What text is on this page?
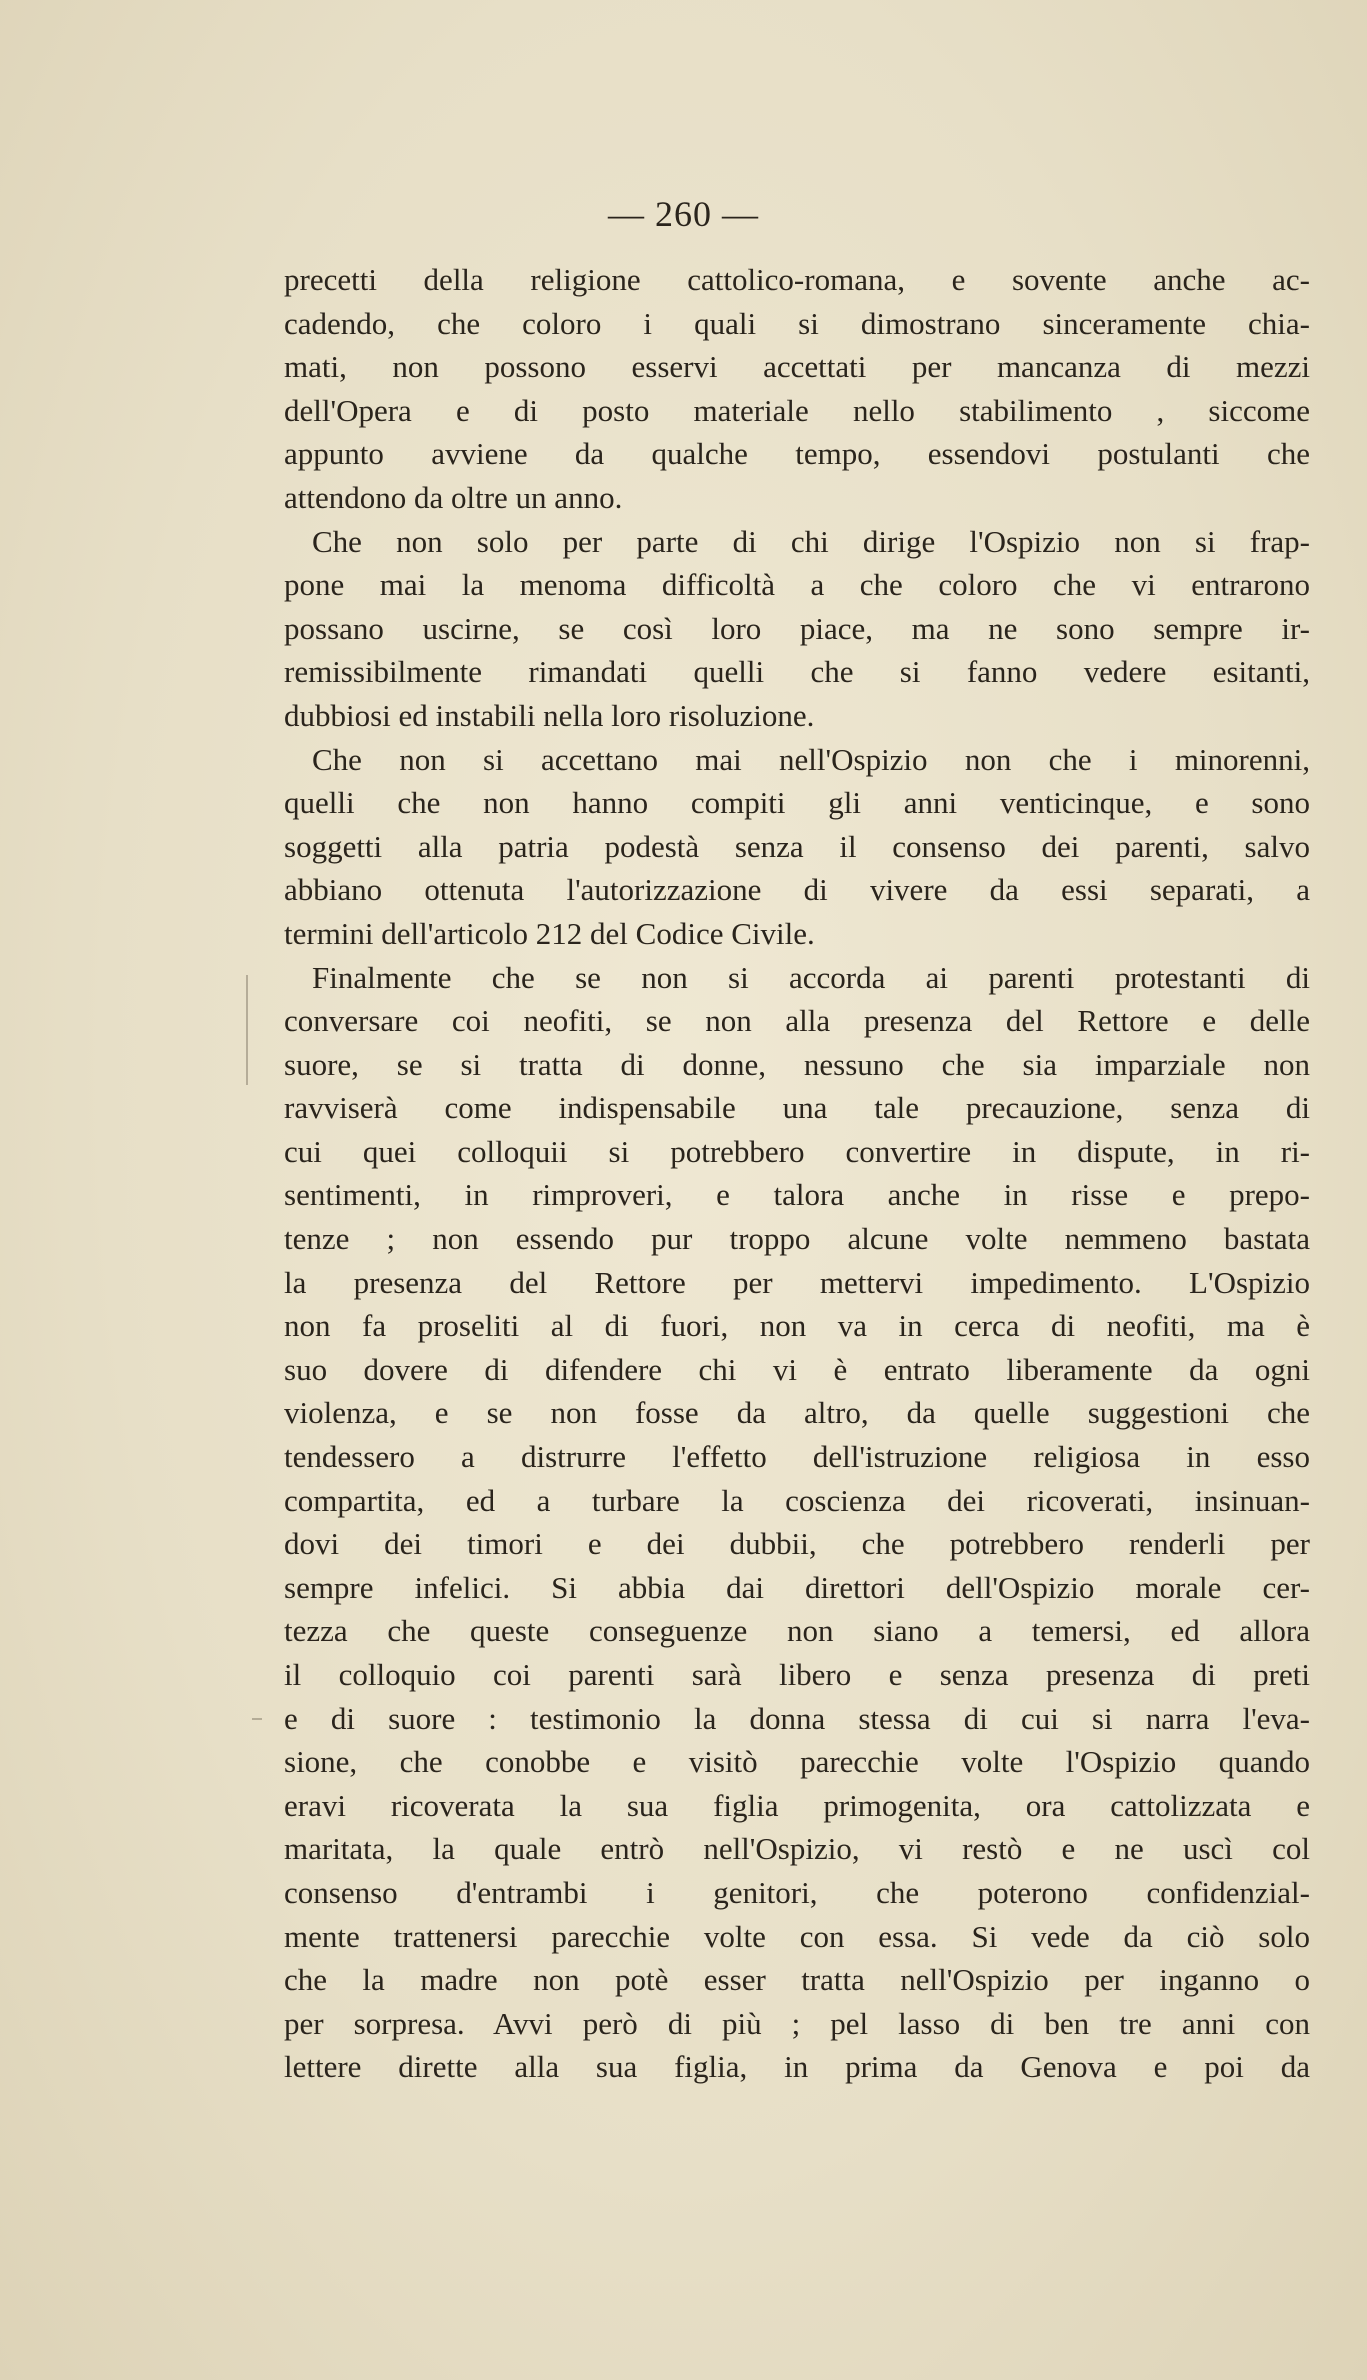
— 260 —
precetti della religione cattolico-romana, e sovente anche ac-
cadendo, che coloro i quali si dimostrano sinceramente chia-
mati, non possono esservi accettati per mancanza di mezzi
dell'Opera e di posto materiale nello stabilimento , siccome
appunto avviene da qualche tempo, essendovi postulanti che
attendono da oltre un anno.
Che non solo per parte di chi dirige l'Ospizio non si frap-
pone mai la menoma difficoltà a che coloro che vi entrarono
possano uscirne, se così loro piace, ma ne sono sempre ir-
remissibilmente rimandati quelli che si fanno vedere esitanti,
dubbiosi ed instabili nella loro risoluzione.
Che non si accettano mai nell'Ospizio non che i minorenni,
quelli che non hanno compiti gli anni venticinque, e sono
soggetti alla patria podestà senza il consenso dei parenti, salvo
abbiano ottenuta l'autorizzazione di vivere da essi separati, a
termini dell'articolo 212 del Codice Civile.
Finalmente che se non si accorda ai parenti protestanti di
conversare coi neofiti, se non alla presenza del Rettore e delle
suore, se si tratta di donne, nessuno che sia imparziale non
ravviserà come indispensabile una tale precauzione, senza di
cui quei colloquii si potrebbero convertire in dispute, in ri-
sentimenti, in rimproveri, e talora anche in risse e prepo-
tenze ; non essendo pur troppo alcune volte nemmeno bastata
la presenza del Rettore per mettervi impedimento. L'Ospizio
non fa proseliti al di fuori, non va in cerca di neofiti, ma è
suo dovere di difendere chi vi è entrato liberamente da ogni
violenza, e se non fosse da altro, da quelle suggestioni che
tendessero a distrurre l'effetto dell'istruzione religiosa in esso
compartita, ed a turbare la coscienza dei ricoverati, insinuan-
dovi dei timori e dei dubbii, che potrebbero renderli per
sempre infelici. Si abbia dai direttori dell'Ospizio morale cer-
tezza che queste conseguenze non siano a temersi, ed allora
il colloquio coi parenti sarà libero e senza presenza di preti
e di suore : testimonio la donna stessa di cui si narra l'eva-
sione, che conobbe e visitò parecchie volte l'Ospizio quando
eravi ricoverata la sua figlia primogenita, ora cattolizzata e
maritata, la quale entrò nell'Ospizio, vi restò e ne uscì col
consenso d'entrambi i genitori, che poterono confidenzial-
mente trattenersi parecchie volte con essa. Si vede da ciò solo
che la madre non potè esser tratta nell'Ospizio per inganno o
per sorpresa. Avvi però di più ; pel lasso di ben tre anni con
lettere dirette alla sua figlia, in prima da Genova e poi da
